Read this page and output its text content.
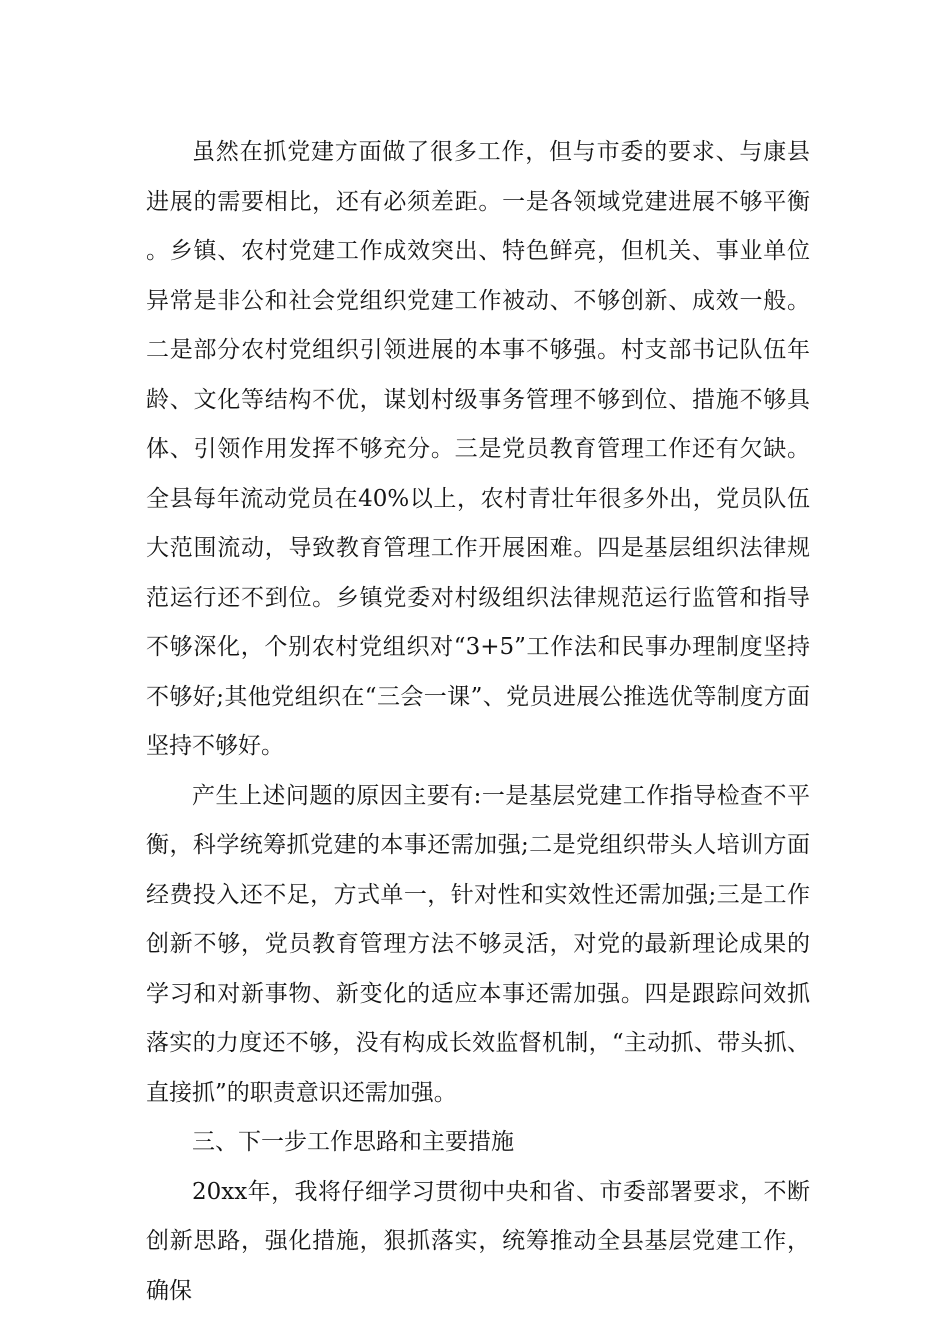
虽然在抓党建方面做了很多工作，但与市委的要求、与康县进展的需要相比，还有必须差距。一是各领域党建进展不够平衡。乡镇、农村党建工作成效突出、特色鲜亮，但机关、事业单位异常是非公和社会党组织党建工作被动、不够创新、成效一般。二是部分农村党组织引领进展的本事不够强。村支部书记队伍年龄、文化等结构不优，谋划村级事务管理不够到位、措施不够具体、引领作用发挥不够充分。三是党员教育管理工作还有欠缺。全县每年流动党员在40%以上，农村青壮年很多外出，党员队伍大范围流动，导致教育管理工作开展困难。四是基层组织法律规范运行还不到位。乡镇党委对村级组织法律规范运行监管和指导不够深化，个别农村党组织对“3+5”工作法和民事办理制度坚持不够好;其他党组织在“三会一课”、党员进展公推选优等制度方面坚持不够好。

产生上述问题的原因主要有:一是基层党建工作指导检查不平衡，科学统筹抓党建的本事还需加强;二是党组织带头人培训方面经费投入还不足，方式单一，针对性和实效性还需加强;三是工作创新不够，党员教育管理方法不够灵活，对党的最新理论成果的学习和对新事物、新变化的适应本事还需加强。四是跟踪问效抓落实的力度还不够，没有构成长效监督机制，“主动抓、带头抓、直接抓”的职责意识还需加强。

三、下一步工作思路和主要措施

20xx年，我将仔细学习贯彻中央和省、市委部署要求，不断创新思路，强化措施，狠抓落实，统筹推动全县基层党建工作，确保
